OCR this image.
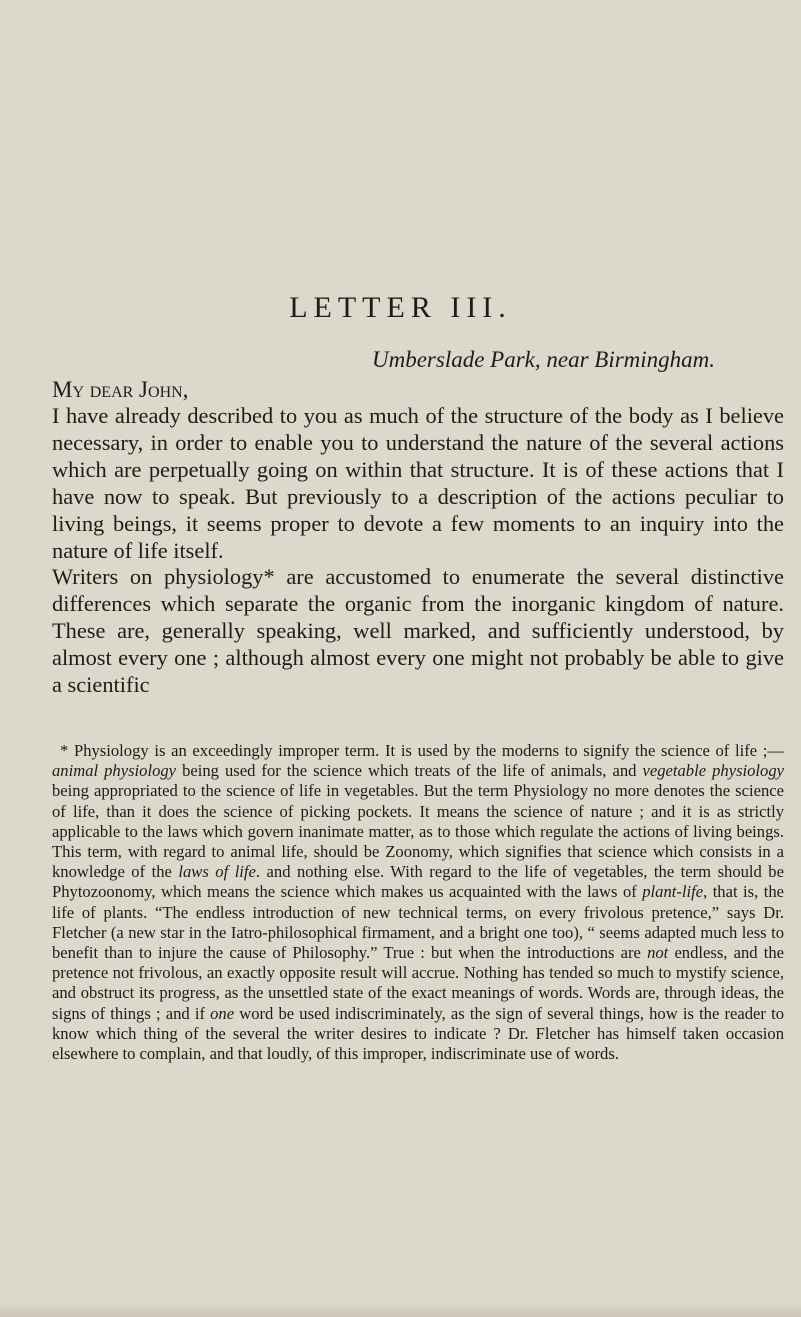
LETTER III.
Umberslade Park, near Birmingham.
My dear John,

I have already described to you as much of the structure of the body as I believe necessary, in order to enable you to understand the nature of the several actions which are perpetually going on within that structure. It is of these actions that I have now to speak. But previously to a description of the actions peculiar to living beings, it seems proper to devote a few moments to an inquiry into the nature of life itself.

Writers on physiology* are accustomed to enumerate the several distinctive differences which separate the organic from the inorganic kingdom of nature. These are, generally speaking, well marked, and sufficiently understood, by almost every one ; although almost every one might not probably be able to give a scientific

* Physiology is an exceedingly improper term. It is used by the moderns to signify the science of life ;—animal physiology being used for the science which treats of the life of animals, and vegetable physiology being appropriated to the science of life in vegetables. But the term Physiology no more denotes the science of life, than it does the science of picking pockets. It means the science of nature ; and it is as strictly applicable to the laws which govern inanimate matter, as to those which regulate the actions of living beings. This term, with regard to animal life, should be Zoonomy, which signifies that science which consists in a knowledge of the laws of life. and nothing else. With regard to the life of vegetables, the term should be Phytozoonomy, which means the science which makes us acquainted with the laws of plant-life, that is, the life of plants. “The endless introduction of new technical terms, on every frivolous pretence,” says Dr. Fletcher (a new star in the Iatro-philosophical firmament, and a bright one too), “ seems adapted much less to benefit than to injure the cause of Philosophy.” True : but when the introductions are not endless, and the pretence not frivolous, an exactly opposite result will accrue. Nothing has tended so much to mystify science, and obstruct its progress, as the unsettled state of the exact meanings of words. Words are, through ideas, the signs of things ; and if one word be used indiscriminately, as the sign of several things, how is the reader to know which thing of the several the writer desires to indicate ? Dr. Fletcher has himself taken occasion elsewhere to complain, and that loudly, of this improper, indiscriminate use of words.
